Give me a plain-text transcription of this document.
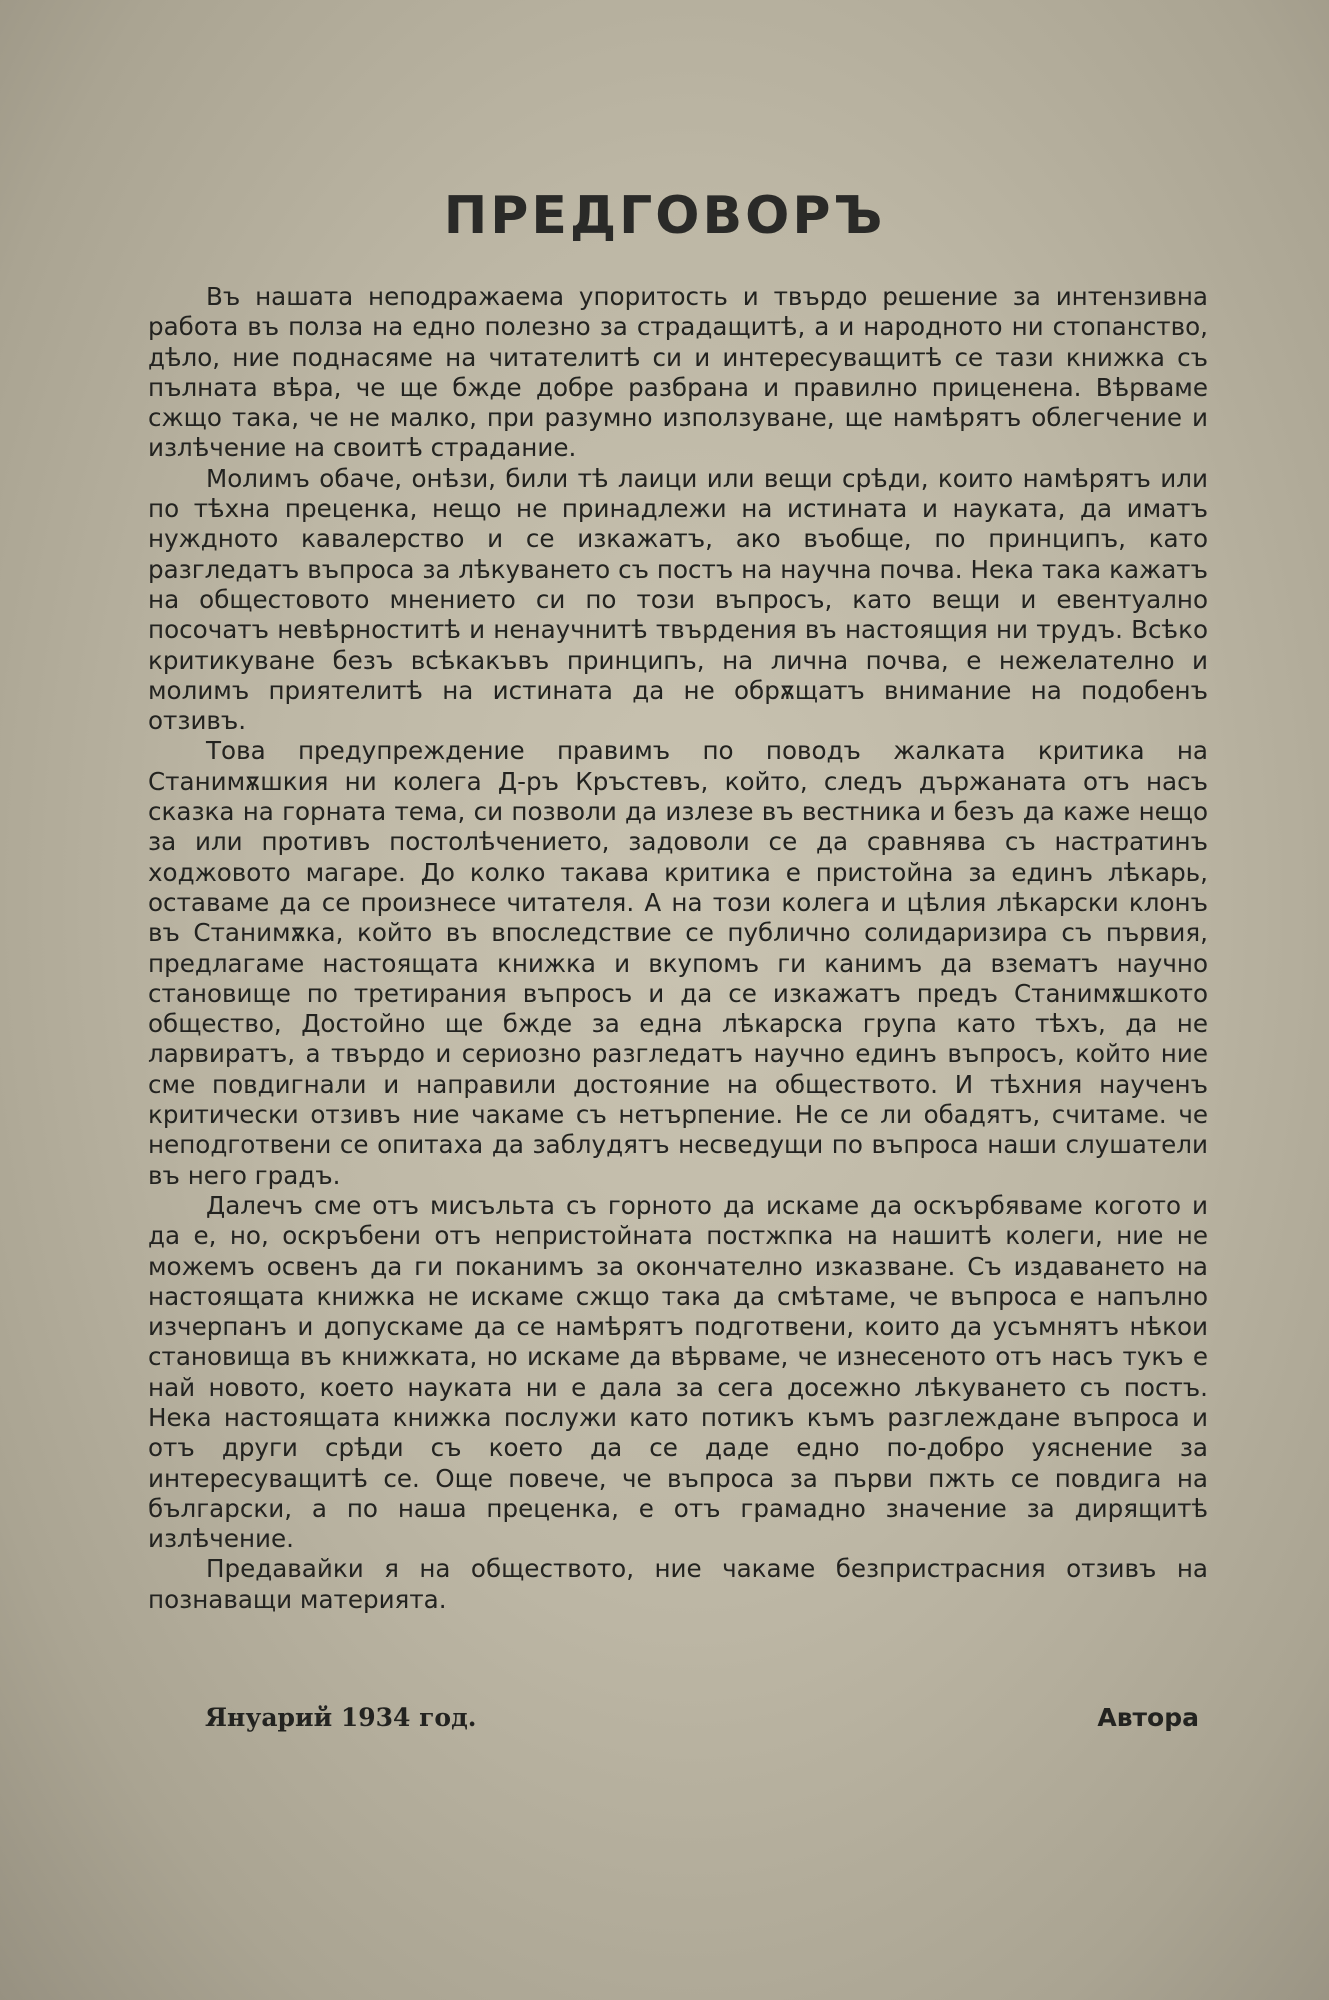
ПРЕДГОВОРЪ

Въ нашата неподражаема упоритость и твърдо решение за интензивна работа въ полза на едно полезно за страдащитѣ, а и народното ни стопанство, дѣло, ние поднасяме на читателитѣ си и интересуващитѣ се тази книжка съ пълната вѣра, че ще бжде добре разбрана и правилно приценена. Вѣрваме сжщо така, че не малко, при разумно използуване, ще намѣрятъ облегчение и излѣчение на своитѣ страдание.

Молимъ обаче, онѣзи, били тѣ лаици или вещи срѣди, които намѣрятъ или по тѣхна преценка, нещо не принадлежи на истината и науката, да иматъ нуждното кавалерство и се изкажатъ, ако въобще, по принципъ, като разгледатъ въпроса за лѣкуването съ постъ на научна почва. Нека така кажатъ на общестовото мнението си по този въпросъ, като вещи и евентуално посочатъ невѣрноститѣ и ненаучнитѣ твърдения въ настоящия ни трудъ. Всѣко критикуване безъ всѣкакъвъ принципъ, на лична почва, е нежелателно и молимъ приятелитѣ на истината да не обрѫщатъ внимание на подобенъ отзивъ.

Това предупреждение правимъ по поводъ жалката критика на Станимѫшкия ни колега Д-ръ Кръстевъ, който, следъ държаната отъ насъ сказка на горната тема, си позволи да излезе въ вестника и безъ да каже нещо за или противъ постолѣчението, задоволи се да сравнява съ настратинъ ходжовото магаре. До колко такава критика е пристойна за единъ лѣкарь, оставаме да се произнесе читателя. А на този колега и цѣлия лѣкарски клонъ въ Станимѫка, който въ впоследствие се публично солидаризира съ първия, предлагаме настоящата книжка и вкупомъ ги канимъ да взематъ научно становище по третирания въпросъ и да се изкажатъ предъ Станимѫшкото общество, Достойно ще бжде за една лѣкарска група като тѣхъ, да не ларвиратъ, а твърдо и сериозно разгледатъ научно единъ въпросъ, който ние сме повдигнали и направили достояние на обществото. И тѣхния наученъ критически отзивъ ние чакаме съ нетърпение. Не се ли обадятъ, считаме. че неподготвени се опитаха да заблудятъ несведущи по въпроса наши слушатели въ него градъ.

Далечъ сме отъ мисъльта съ горното да искаме да оскърбяваме когото и да е, но, оскръбени отъ непристойната постжпка на нашитѣ колеги, ние не можемъ освенъ да ги поканимъ за окончателно изказване. Съ издаването на настоящата книжка не искаме сжщо така да смѣтаме, че въпроса е напълно изчерпанъ и допускаме да се намѣрятъ подготвени, които да усъмнятъ нѣкои становища въ книжката, но искаме да вѣрваме, че изнесеното отъ насъ тукъ е най новото, което науката ни е дала за сега досежно лѣкуването съ постъ. Нека настоящата книжка послужи като потикъ къмъ разглеждане въпроса и отъ други срѣди съ което да се даде едно по-добро уяснение за интересуващитѣ се. Още повече, че въпроса за първи пжть се повдига на български, а по наша преценка, е отъ грамадно значение за дирящитѣ излѣчение.

Предавайки я на обществото, ние чакаме безпристрасния отзивъ на познаващи материята.

Януарий 1934 год.	Автора
